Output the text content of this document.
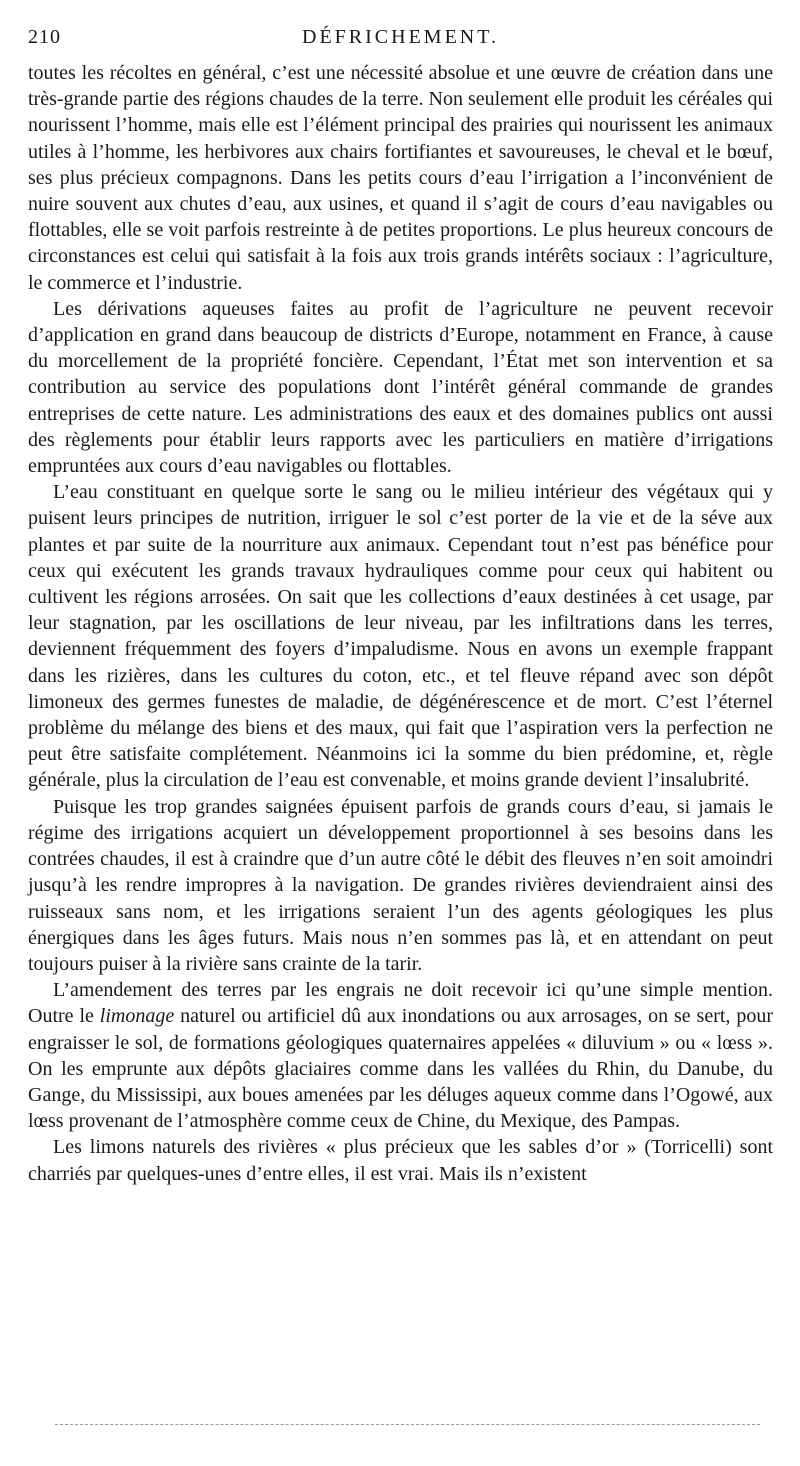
210	DÉFRICHEMENT.

toutes les récoltes en général, c’est une nécessité absolue et une œuvre de création dans une très-grande partie des régions chaudes de la terre. Non seulement elle produit les céréales qui nourissent l’homme, mais elle est l’élément principal des prairies qui nourissent les animaux utiles à l’homme, les herbivores aux chairs fortifiantes et savoureuses, le cheval et le bœuf, ses plus précieux compagnons. Dans les petits cours d’eau l’irrigation a l’inconvénient de nuire souvent aux chutes d’eau, aux usines, et quand il s’agit de cours d’eau navigables ou flottables, elle se voit parfois restreinte à de petites proportions. Le plus heureux concours de circonstances est celui qui satisfait à la fois aux trois grands intérêts sociaux : l’agriculture, le commerce et l’industrie.

Les dérivations aqueuses faites au profit de l’agriculture ne peuvent recevoir d’application en grand dans beaucoup de districts d’Europe, notamment en France, à cause du morcellement de la propriété foncière. Cependant, l’État met son intervention et sa contribution au service des populations dont l’intérêt général commande de grandes entreprises de cette nature. Les administrations des eaux et des domaines publics ont aussi des règlements pour établir leurs rapports avec les particuliers en matière d’irrigations empruntées aux cours d’eau navigables ou flottables.

L’eau constituant en quelque sorte le sang ou le milieu intérieur des végétaux qui y puisent leurs principes de nutrition, irriguer le sol c’est porter de la vie et de la séve aux plantes et par suite de la nourriture aux animaux. Cependant tout n’est pas bénéfice pour ceux qui exécutent les grands travaux hydrauliques comme pour ceux qui habitent ou cultivent les régions arrosées. On sait que les collections d’eaux destinées à cet usage, par leur stagnation, par les oscillations de leur niveau, par les infiltrations dans les terres, deviennent fréquemment des foyers d’impaludisme. Nous en avons un exemple frappant dans les rizières, dans les cultures du coton, etc., et tel fleuve répand avec son dépôt limoneux des germes funestes de maladie, de dégénérescence et de mort. C’est l’éternel problème du mélange des biens et des maux, qui fait que l’aspiration vers la perfection ne peut être satisfaite complétement. Néanmoins ici la somme du bien prédomine, et, règle générale, plus la circulation de l’eau est convenable, et moins grande devient l’insalubrité.

Puisque les trop grandes saignées épuisent parfois de grands cours d’eau, si jamais le régime des irrigations acquiert un développement proportionnel à ses besoins dans les contrées chaudes, il est à craindre que d’un autre côté le débit des fleuves n’en soit amoindri jusqu’à les rendre impropres à la navigation. De grandes rivières deviendraient ainsi des ruisseaux sans nom, et les irrigations seraient l’un des agents géologiques les plus énergiques dans les âges futurs. Mais nous n’en sommes pas là, et en attendant on peut toujours puiser à la rivière sans crainte de la tarir.

L’amendement des terres par les engrais ne doit recevoir ici qu’une simple mention. Outre le limonage naturel ou artificiel dû aux inondations ou aux arrosages, on se sert, pour engraisser le sol, de formations géologiques quaternaires appelées « diluvium » ou « lœss ». On les emprunte aux dépôts glaciaires comme dans les vallées du Rhin, du Danube, du Gange, du Mississipi, aux boues amenées par les déluges aqueux comme dans l’Ogowé, aux lœss provenant de l’atmosphère comme ceux de Chine, du Mexique, des Pampas.

Les limons naturels des rivières « plus précieux que les sables d’or » (Torricelli) sont charriés par quelques-unes d’entre elles, il est vrai. Mais ils n’existent
